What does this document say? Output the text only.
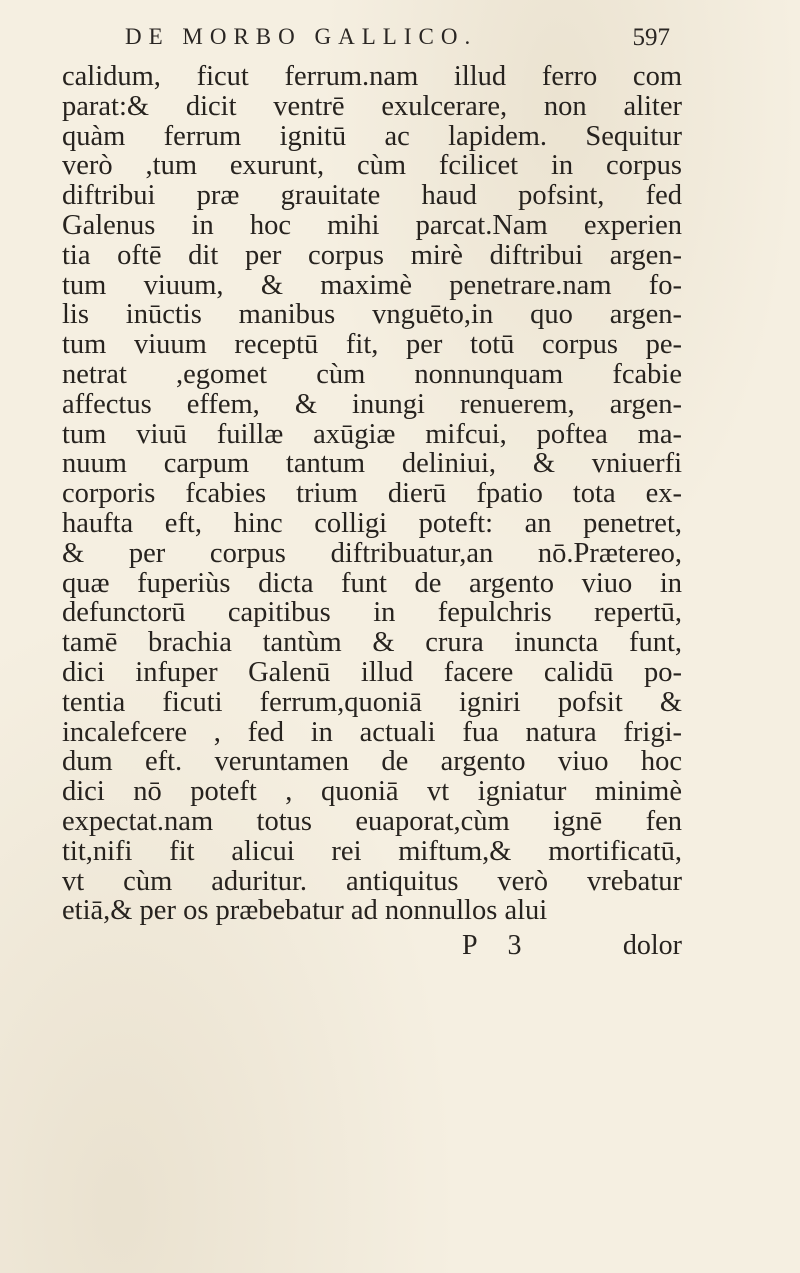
DE MORBO GALLICO.	597
calidum, ficut ferrum.nam illud ferro com
parat:& dicit ventrē exulcerare, non aliter
quàm ferrum ignitū ac lapidem. Sequitur
verò ,tum exurunt, cùm fcilicet in corpus
diftribui præ grauitate haud pofsint, fed
Galenus in hoc mihi parcat.Nam experien
tia oftē dit per corpus mirè diftribui argen-
tum viuum, & maximè penetrare.nam fo-
lis inūctis manibus vnguēto,in quo argen-
tum viuum receptū fit, per totū corpus pe-
netrat ,egomet cùm nonnunquam fcabie
affectus effem, & inungi renuerem, argen-
tum viuū fuillæ axūgiæ mifcui, poftea ma-
nuum carpum tantum deliniui, & vniuerfi
corporis fcabies trium dierū fpatio tota ex-
haufta eft, hinc colligi poteft: an penetret,
& per corpus diftribuatur,an nō.Prætereo,
quæ fuperiùs dicta funt de argento viuo in
defunctorū capitibus in fepulchris repertū,
tamē brachia tantùm & crura inuncta funt,
dici infuper Galenū illud facere calidū po-
tentia ficuti ferrum,quoniā igniri pofsit &
incalefcere , fed in actuali fua natura frigi-
dum eft. veruntamen de argento viuo hoc
dici nō poteft , quoniā vt igniatur minimè
expectat.nam totus euaporat,cùm ignē fen
tit,nifi fit alicui rei miftum,& mortificatū,
vt cùm aduritur. antiquitus verò vrebatur
etiā,& per os præbebatur ad nonnullos alui
P 3	dolor
